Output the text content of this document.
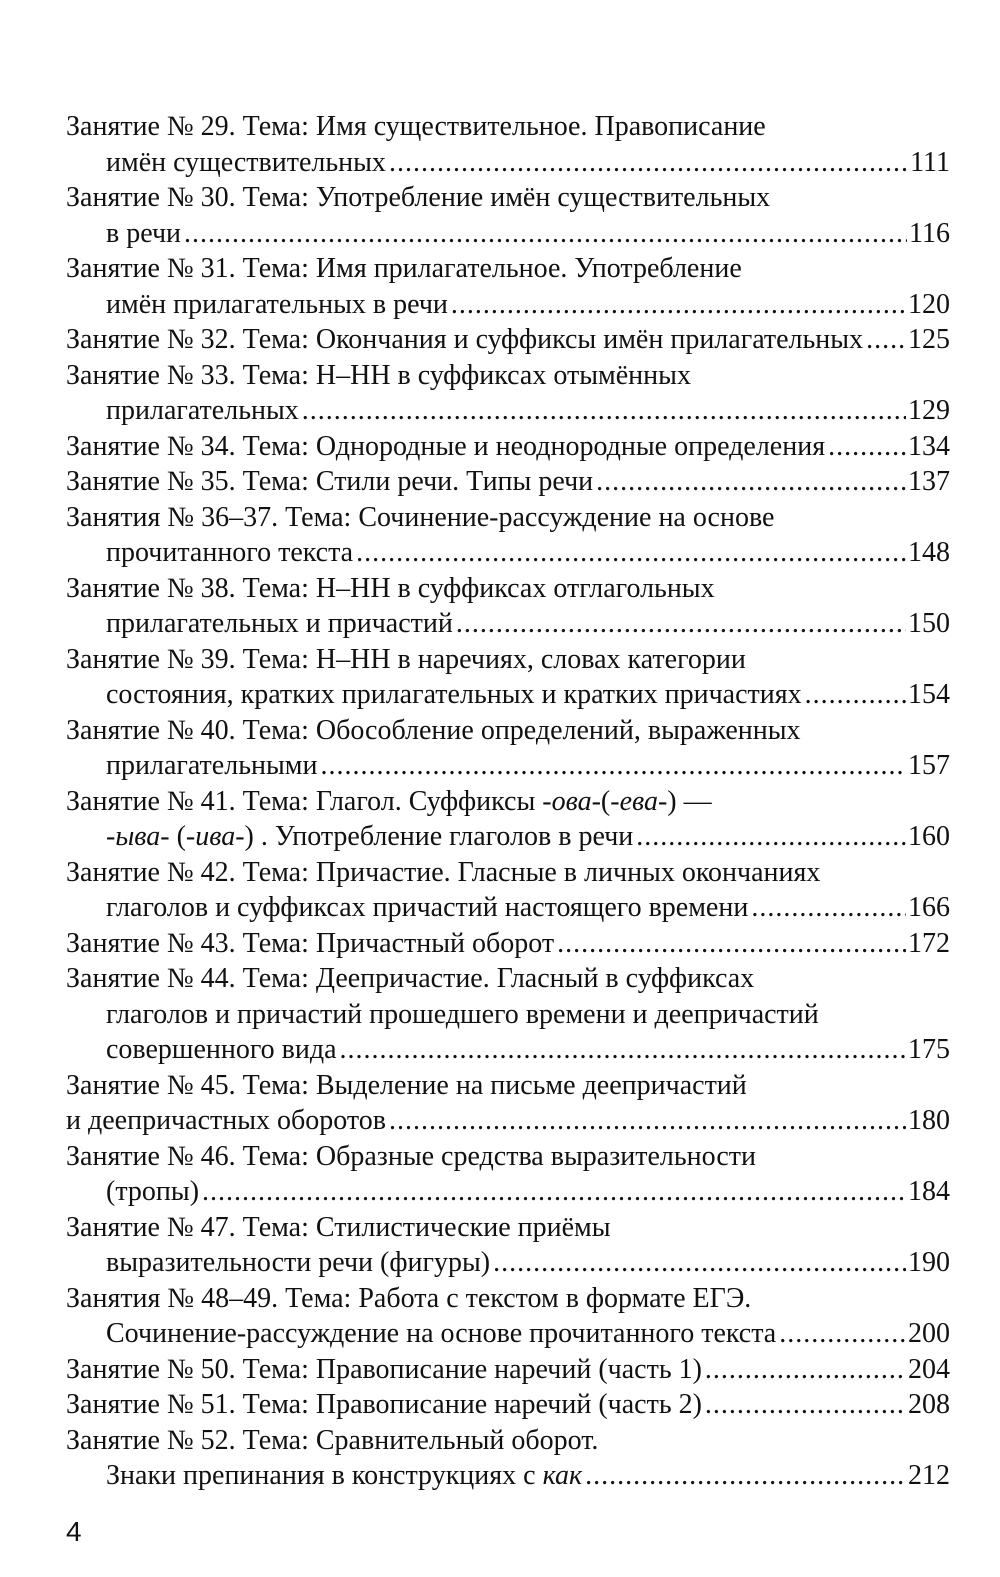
Занятие № 29. Тема: Имя существительное. Правописание
имён существительных .....	111
Занятие № 30. Тема: Употребление имён существительных
в речи .....	116
Занятие № 31. Тема: Имя прилагательное. Употребление
имён прилагательных в речи .....	120
Занятие № 32. Тема: Окончания и суффиксы имён прилагательных ..... 125
Занятие № 33. Тема: Н–НН в суффиксах отымённых
прилагательных .....	129
Занятие № 34. Тема: Однородные и неоднородные определения .....	134
Занятие № 35. Тема: Стили речи. Типы речи .....	137
Занятия № 36–37. Тема: Сочинение-рассуждение на основе
прочитанного текста .....	148
Занятие № 38. Тема: Н–НН в суффиксах отглагольных
прилагательных и причастий .....	150
Занятие № 39. Тема: Н–НН в наречиях, словах категории
состояния, кратких прилагательных и кратких причастиях .....	154
Занятие № 40. Тема: Обособление определений, выраженных
прилагательными .....	157
Занятие № 41. Тема: Глагол. Суффиксы -ова-(-ева-) —
-ыва- (-ива-) . Употребление глаголов в речи .....	160
Занятие № 42. Тема: Причастие. Гласные в личных окончаниях
глаголов и суффиксах причастий настоящего времени .....	166
Занятие № 43. Тема: Причастный оборот .....	172
Занятие № 44. Тема: Деепричастие. Гласный в суффиксах
глаголов и причастий прошедшего времени и деепричастий
совершенного вида .....	175
Занятие № 45. Тема: Выделение на письме деепричастий
и деепричастных оборотов .....	180
Занятие № 46. Тема: Образные средства выразительности
(тропы) .....	184
Занятие № 47. Тема: Стилистические приёмы
выразительности речи (фигуры) .....	190
Занятия № 48–49. Тема: Работа с текстом в формате ЕГЭ.
Сочинение-рассуждение на основе прочитанного текста .....	200
Занятие № 50. Тема: Правописание наречий (часть 1) .....	204
Занятие № 51. Тема: Правописание наречий (часть 2) .....	208
Занятие № 52. Тема: Сравнительный оборот.
Знаки препинания в конструкциях с как .....	212
4
